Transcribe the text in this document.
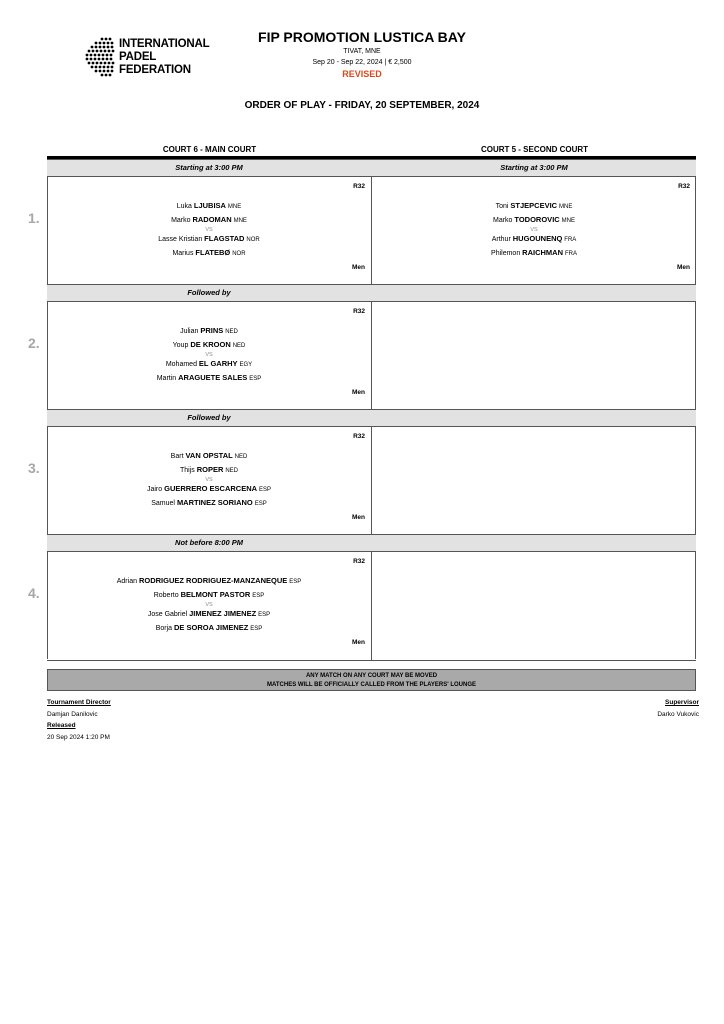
INTERNATIONAL
PADEL
FEDERATION
FIP PROMOTION LUSTICA BAY
TIVAT, MNE
Sep 20 - Sep 22, 2024 | € 2,500
REVISED
ORDER OF PLAY - FRIDAY, 20 SEPTEMBER, 2024
COURT 6 - MAIN COURT	COURT 5 - SECOND COURT
Starting at 3:00 PM	Starting at 3:00 PM
R32
Men
Luka LJUBISA MNE
Marko RADOMAN MNE
VS
Lasse Kristian FLAGSTAD NOR
Marius FLATEBØ NOR
R32
Men
Toni STJEPCEVIC MNE
Marko TODOROVIC MNE
VS
Arthur HUGOUNENQ FRA
Philemon RAICHMAN FRA
Followed by
R32
Men
Julian PRINS NED
Youp DE KROON NED
VS
Mohamed EL GARHY EGY
Martin ARAGUETE SALES ESP
Followed by
R32
Men
Bart VAN OPSTAL NED
Thijs ROPER NED
VS
Jairo GUERRERO ESCARCENA ESP
Samuel MARTINEZ SORIANO ESP
Not before 8:00 PM
R32
Men
Adrian RODRIGUEZ RODRIGUEZ-MANZANEQUE ESP
Roberto BELMONT PASTOR ESP
VS
Jose Gabriel JIMENEZ JIMENEZ ESP
Borja DE SOROA JIMENEZ ESP
ANY MATCH ON ANY COURT MAY BE MOVED
MATCHES WILL BE OFFICIALLY CALLED FROM THE PLAYERS' LOUNGE
Tournament Director
Damjan Danilovic
Released
20 Sep 2024 1:20 PM
Supervisor
Darko Vukovic
1.
2.
3.
4.
